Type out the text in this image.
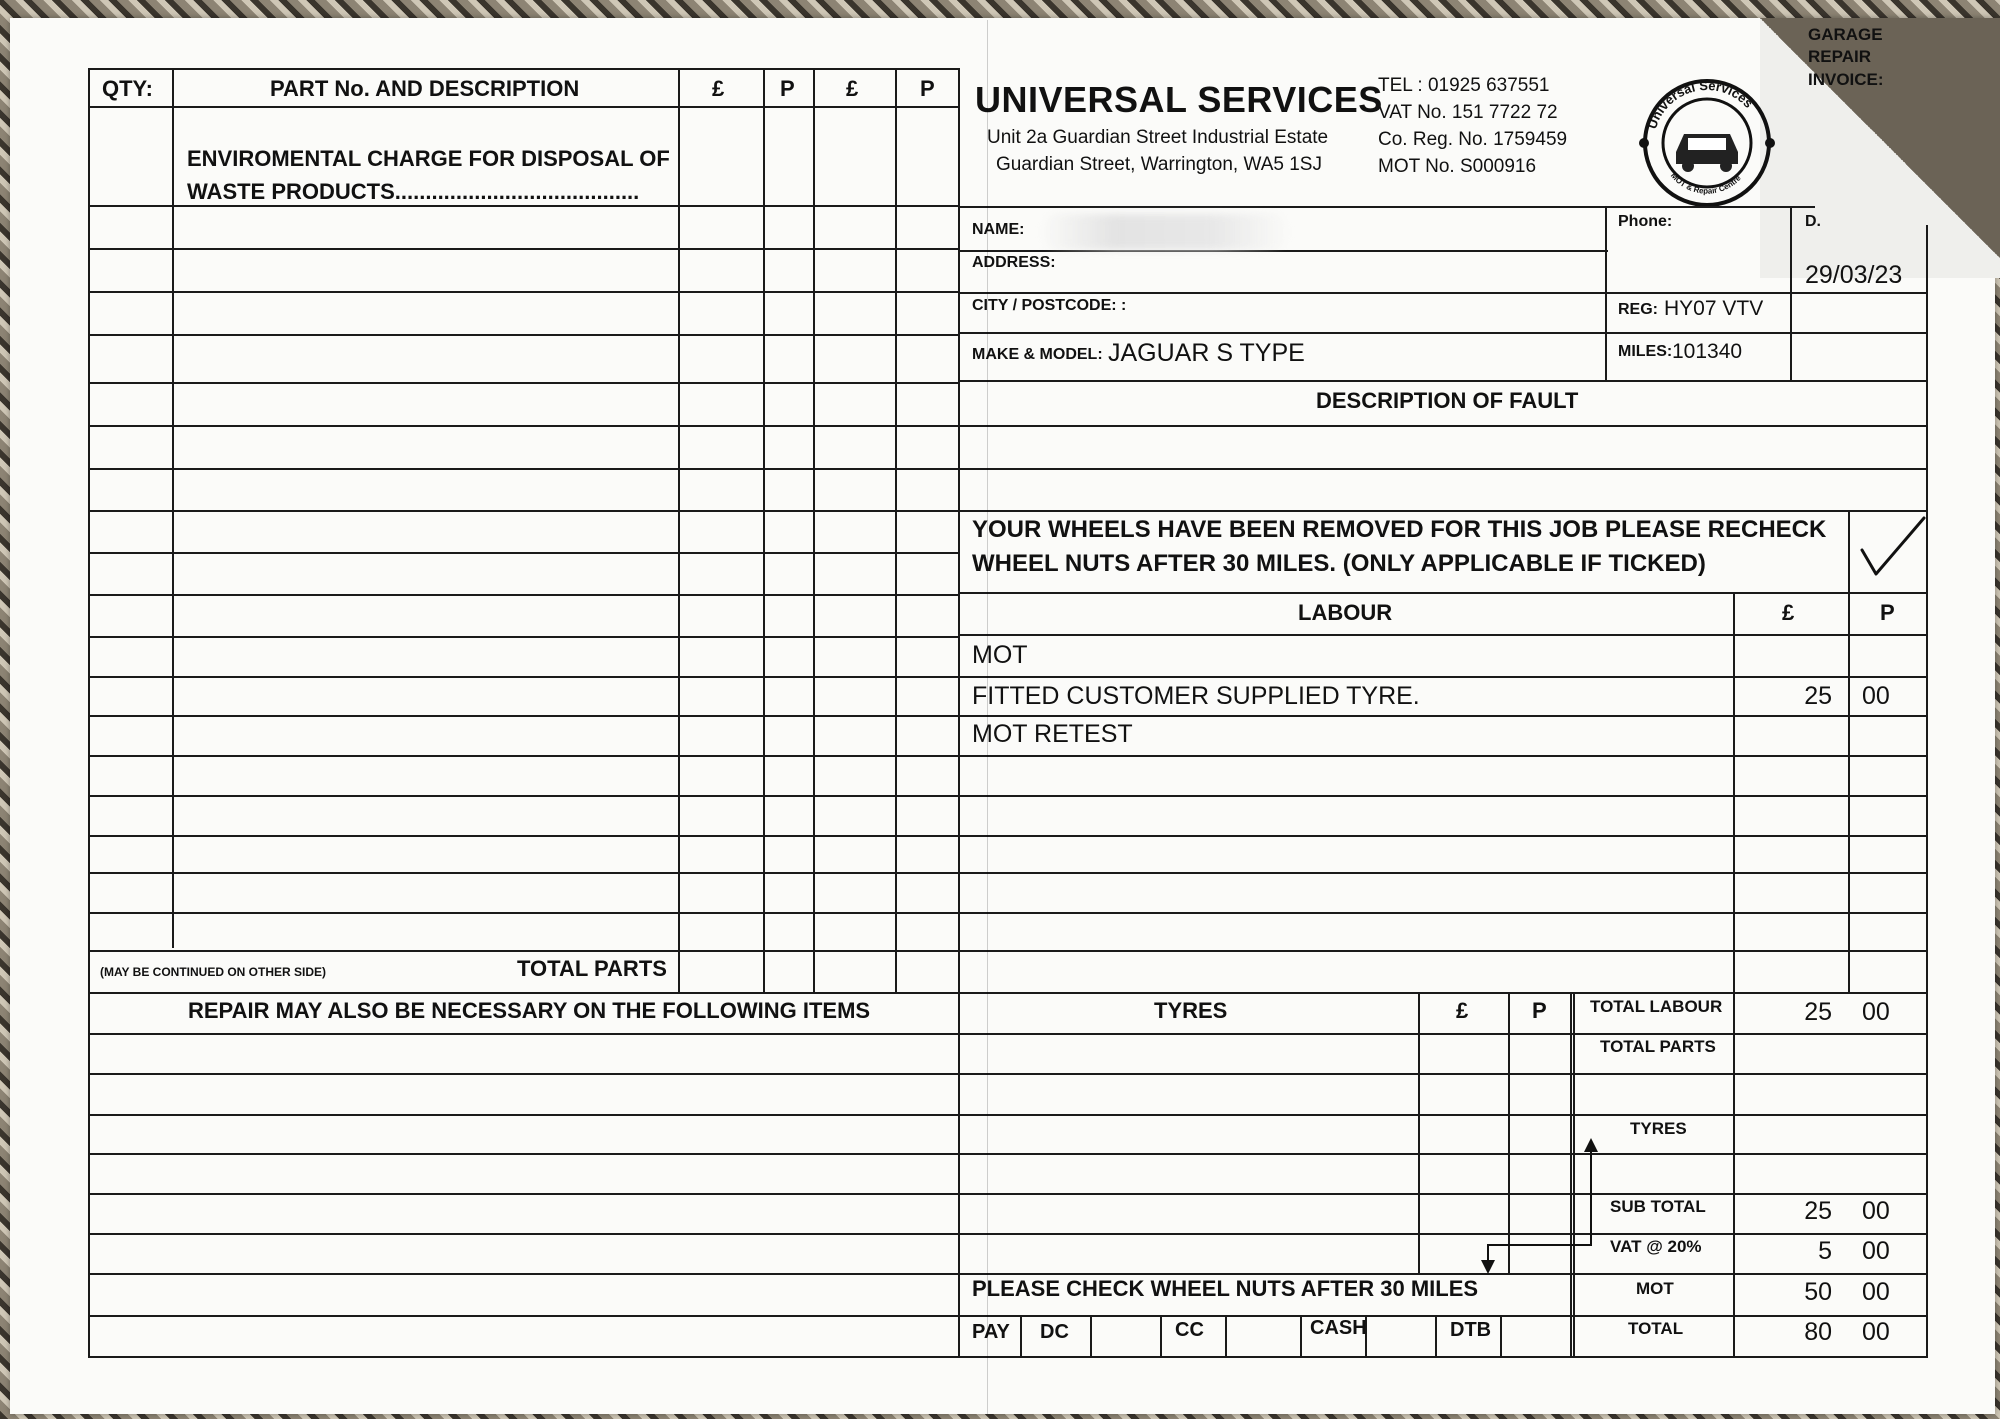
GARAGE
REPAIR
INVOICE:
QTY:	PART No. AND DESCRIPTION	£	P £	P
ENVIROMENTAL CHARGE FOR DISPOSAL OF
WASTE PRODUCTS........................................
(MAY BE CONTINUED ON OTHER SIDE)	TOTAL PARTS
REPAIR MAY ALSO BE NECESSARY ON THE FOLLOWING ITEMS
UNIVERSAL SERVICES
Unit 2a Guardian Street Industrial Estate
Guardian Street, Warrington, WA5 1SJ
TEL : 01925 637551
VAT No. 151 7722 72
Co. Reg. No. 1759459
MOT No. S000916
Universal Services
MOT & Repair Centre
NAME:
ADDRESS:
CITY / POSTCODE: :
MAKE & MODEL: JAGUAR S TYPE
Phone:	D.
29/03/23
REG: HY07 VTV
MILES: 101340
DESCRIPTION OF FAULT
YOUR WHEELS HAVE BEEN REMOVED FOR THIS JOB PLEASE RECHECK
WHEEL NUTS AFTER 30 MILES. (ONLY APPLICABLE IF TICKED)
LABOUR	£	P
MOT
FITTED CUSTOMER SUPPLIED TYRE.	25 00
MOT RETEST
TYRES	£	P	TOTAL LABOUR	25 00
TOTAL PARTS
TYRES
SUB TOTAL	25 00
VAT @ 20%	5 00
MOT	50 00
TOTAL	80 00
PLEASE CHECK WHEEL NUTS AFTER 30 MILES
PAY DC	CC	CASH	DTB
